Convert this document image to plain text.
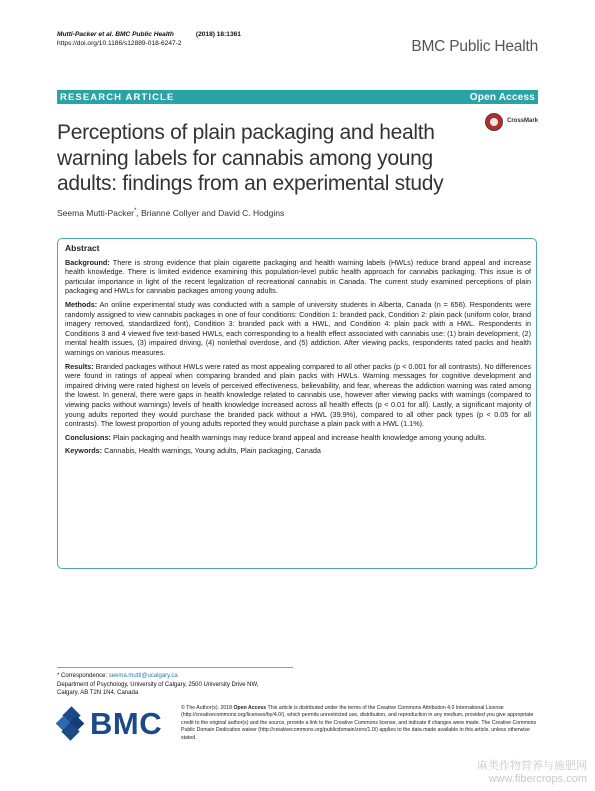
Mutti-Packer et al. BMC Public Health	(2018) 18:1361
https://doi.org/10.1186/s12889-018-6247-2	BMC Public Health
RESEARCH ARTICLE	Open Access
Perceptions of plain packaging and health warning labels for cannabis among young adults: findings from an experimental study
CrossMark
Seema Mutti-Packer*, Brianne Collyer and David C. Hodgins
Abstract

Background: There is strong evidence that plain cigarette packaging and health warning labels (HWLs) reduce brand appeal and increase health knowledge. There is limited evidence examining this population-level public health approach for cannabis packaging. This issue is of particular importance in light of the recent legalization of recreational cannabis in Canada. The current study examined perceptions of plain packaging and HWLs for cannabis packages among young adults.

Methods: An online experimental study was conducted with a sample of university students in Alberta, Canada (n = 656). Respondents were randomly assigned to view cannabis packages in one of four conditions: Condition 1: branded pack, Condition 2: plain pack (uniform color, brand imagery removed, standardized font), Condition 3: branded pack with a HWL, and Condition 4: plain pack with a HWL. Respondents in Conditions 3 and 4 viewed five text-based HWLs, each corresponding to a health effect associated with cannabis use: (1) brain development, (2) mental health issues, (3) impaired driving, (4) nonlethal overdose, and (5) addiction. After viewing packs, respondents rated packs and health warnings on various measures.

Results: Branded packages without HWLs were rated as most appealing compared to all other packs (p < 0.001 for all contrasts). No differences were found in ratings of appeal when comparing branded and plain packs with HWLs. Warning messages for cognitive development and impaired driving were rated highest on levels of perceived effectiveness, believability, and fear, whereas the addiction warning was rated among the lowest. In general, there were gaps in health knowledge related to cannabis use, however after viewing packs with warnings (compared to viewing packs without warnings) levels of health knowledge increased across all health effects (p < 0.01 for all). Lastly, a significant majority of young adults reported they would purchase the branded pack without a HWL (39.9%), compared to all other pack types (p < 0.05 for all contrasts). The lowest proportion of young adults reported they would purchase a plain pack with a HWL (1.1%).

Conclusions: Plain packaging and health warnings may reduce brand appeal and increase health knowledge among young adults.

Keywords: Cannabis, Health warnings, Young adults, Plain packaging, Canada

* Correspondence: seema.mutti@ucalgary.ca
Department of Psychology, University of Calgary, 2500 University Drive NW,
Calgary, AB T2N 1N4, Canada
BMC	© The Author(s). 2018 Open Access This article is distributed under the terms of the Creative Commons Attribution 4.0 International License (http://creativecommons.org/licenses/by/4.0/), which permits unrestricted use, distribution, and reproduction in any medium, provided you give appropriate credit to the original author(s) and the source, provide a link to the Creative Commons license, and indicate if changes were made. The Creative Commons Public Domain Dedication waiver (http://creativecommons.org/publicdomain/zero/1.0/) applies to the data made available in this article, unless otherwise stated.
麻类作物营养与施肥网
www.fibercrops.com
